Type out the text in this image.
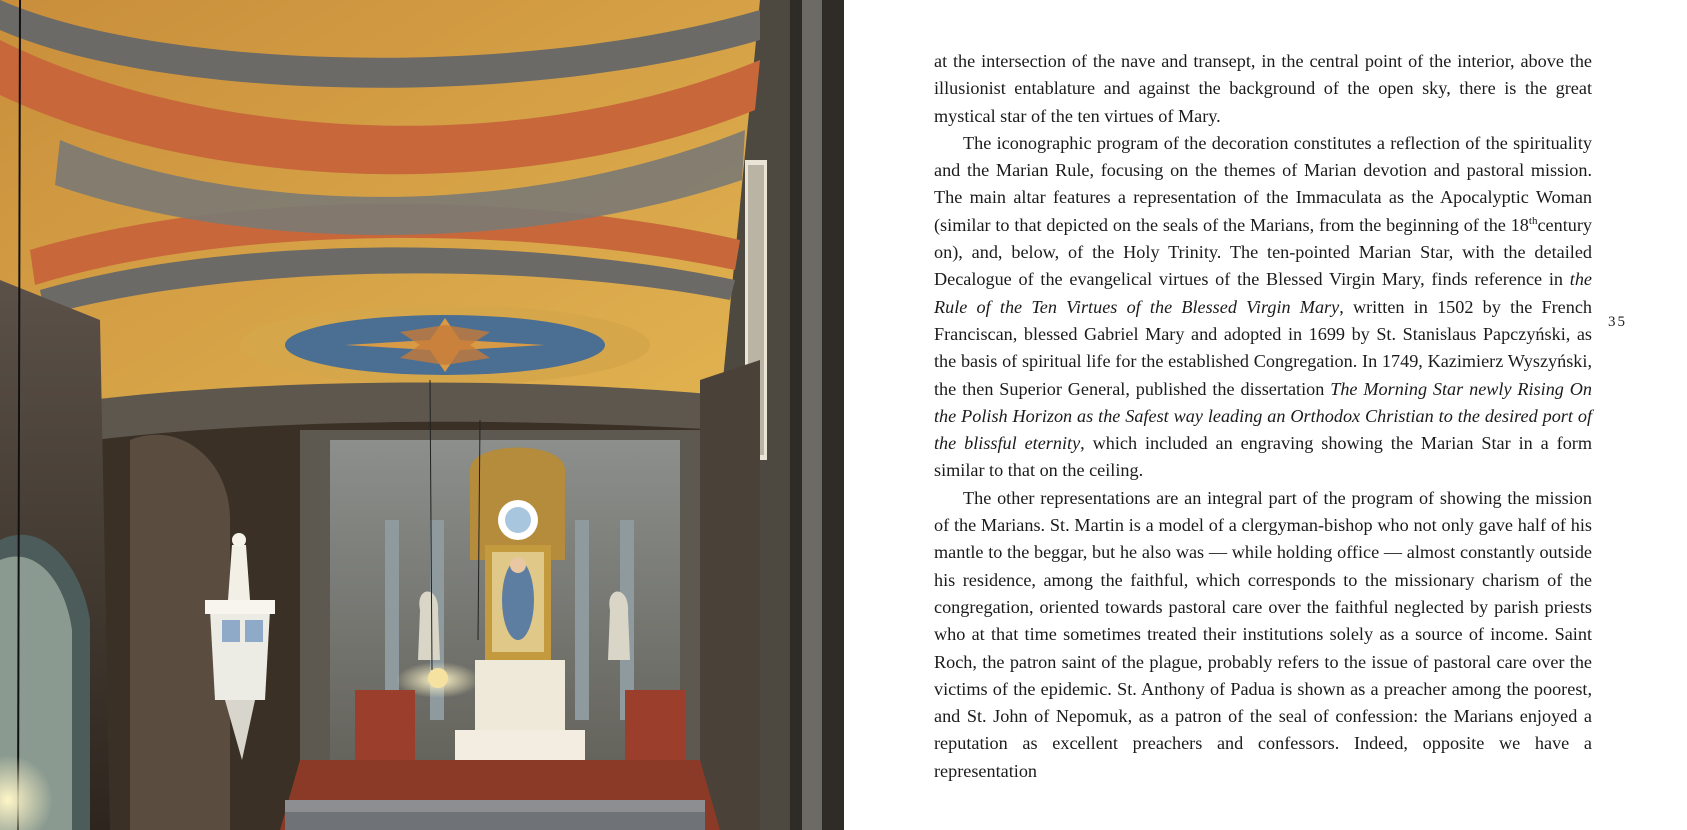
at the intersection of the nave and transept, in the central point of the interior, above the illusionist entablature and against the background of the open sky, there is the great mystical star of the ten virtues of Mary.

The iconographic program of the decoration constitutes a reflection of the spirituality and the Marian Rule, focusing on the themes of Marian devotion and pastoral mission. The main altar features a representation of the Immaculata as the Apocalyptic Woman (similar to that depicted on the seals of the Marians, from the beginning of the 18thcentury on), and, below, of the Holy Trinity. The ten-pointed Marian Star, with the detailed Decalogue of the evangelical virtues of the Blessed Virgin Mary, finds reference in the Rule of the Ten Virtues of the Blessed Virgin Mary, written in 1502 by the French Franciscan, blessed Gabriel Mary and adopted in 1699 by St. Stanislaus Papczyński, as the basis of spiritual life for the established Congregation. In 1749, Kazimierz Wyszyński, the then Superior General, published the dissertation The Morning Star newly Rising On the Polish Horizon as the Safest way leading an Orthodox Christian to the desired port of the blissful eternity, which included an engraving showing the Marian Star in a form similar to that on the ceiling.

The other representations are an integral part of the program of showing the mission of the Marians. St. Martin is a model of a clergyman-bishop who not only gave half of his mantle to the beggar, but he also was — while holding office — almost constantly outside his residence, among the faithful, which corresponds to the missionary charism of the congregation, oriented towards pastoral care over the faithful neglected by parish priests who at that time sometimes treated their institutions solely as a source of income. Saint Roch, the patron saint of the plague, probably refers to the issue of pastoral care over the victims of the epidemic. St. Anthony of Padua is shown as a preacher among the poorest, and St. John of Nepomuk, as a patron of the seal of confession: the Marians enjoyed a reputation as excellent preachers and confessors. Indeed, opposite we have a representation

35
